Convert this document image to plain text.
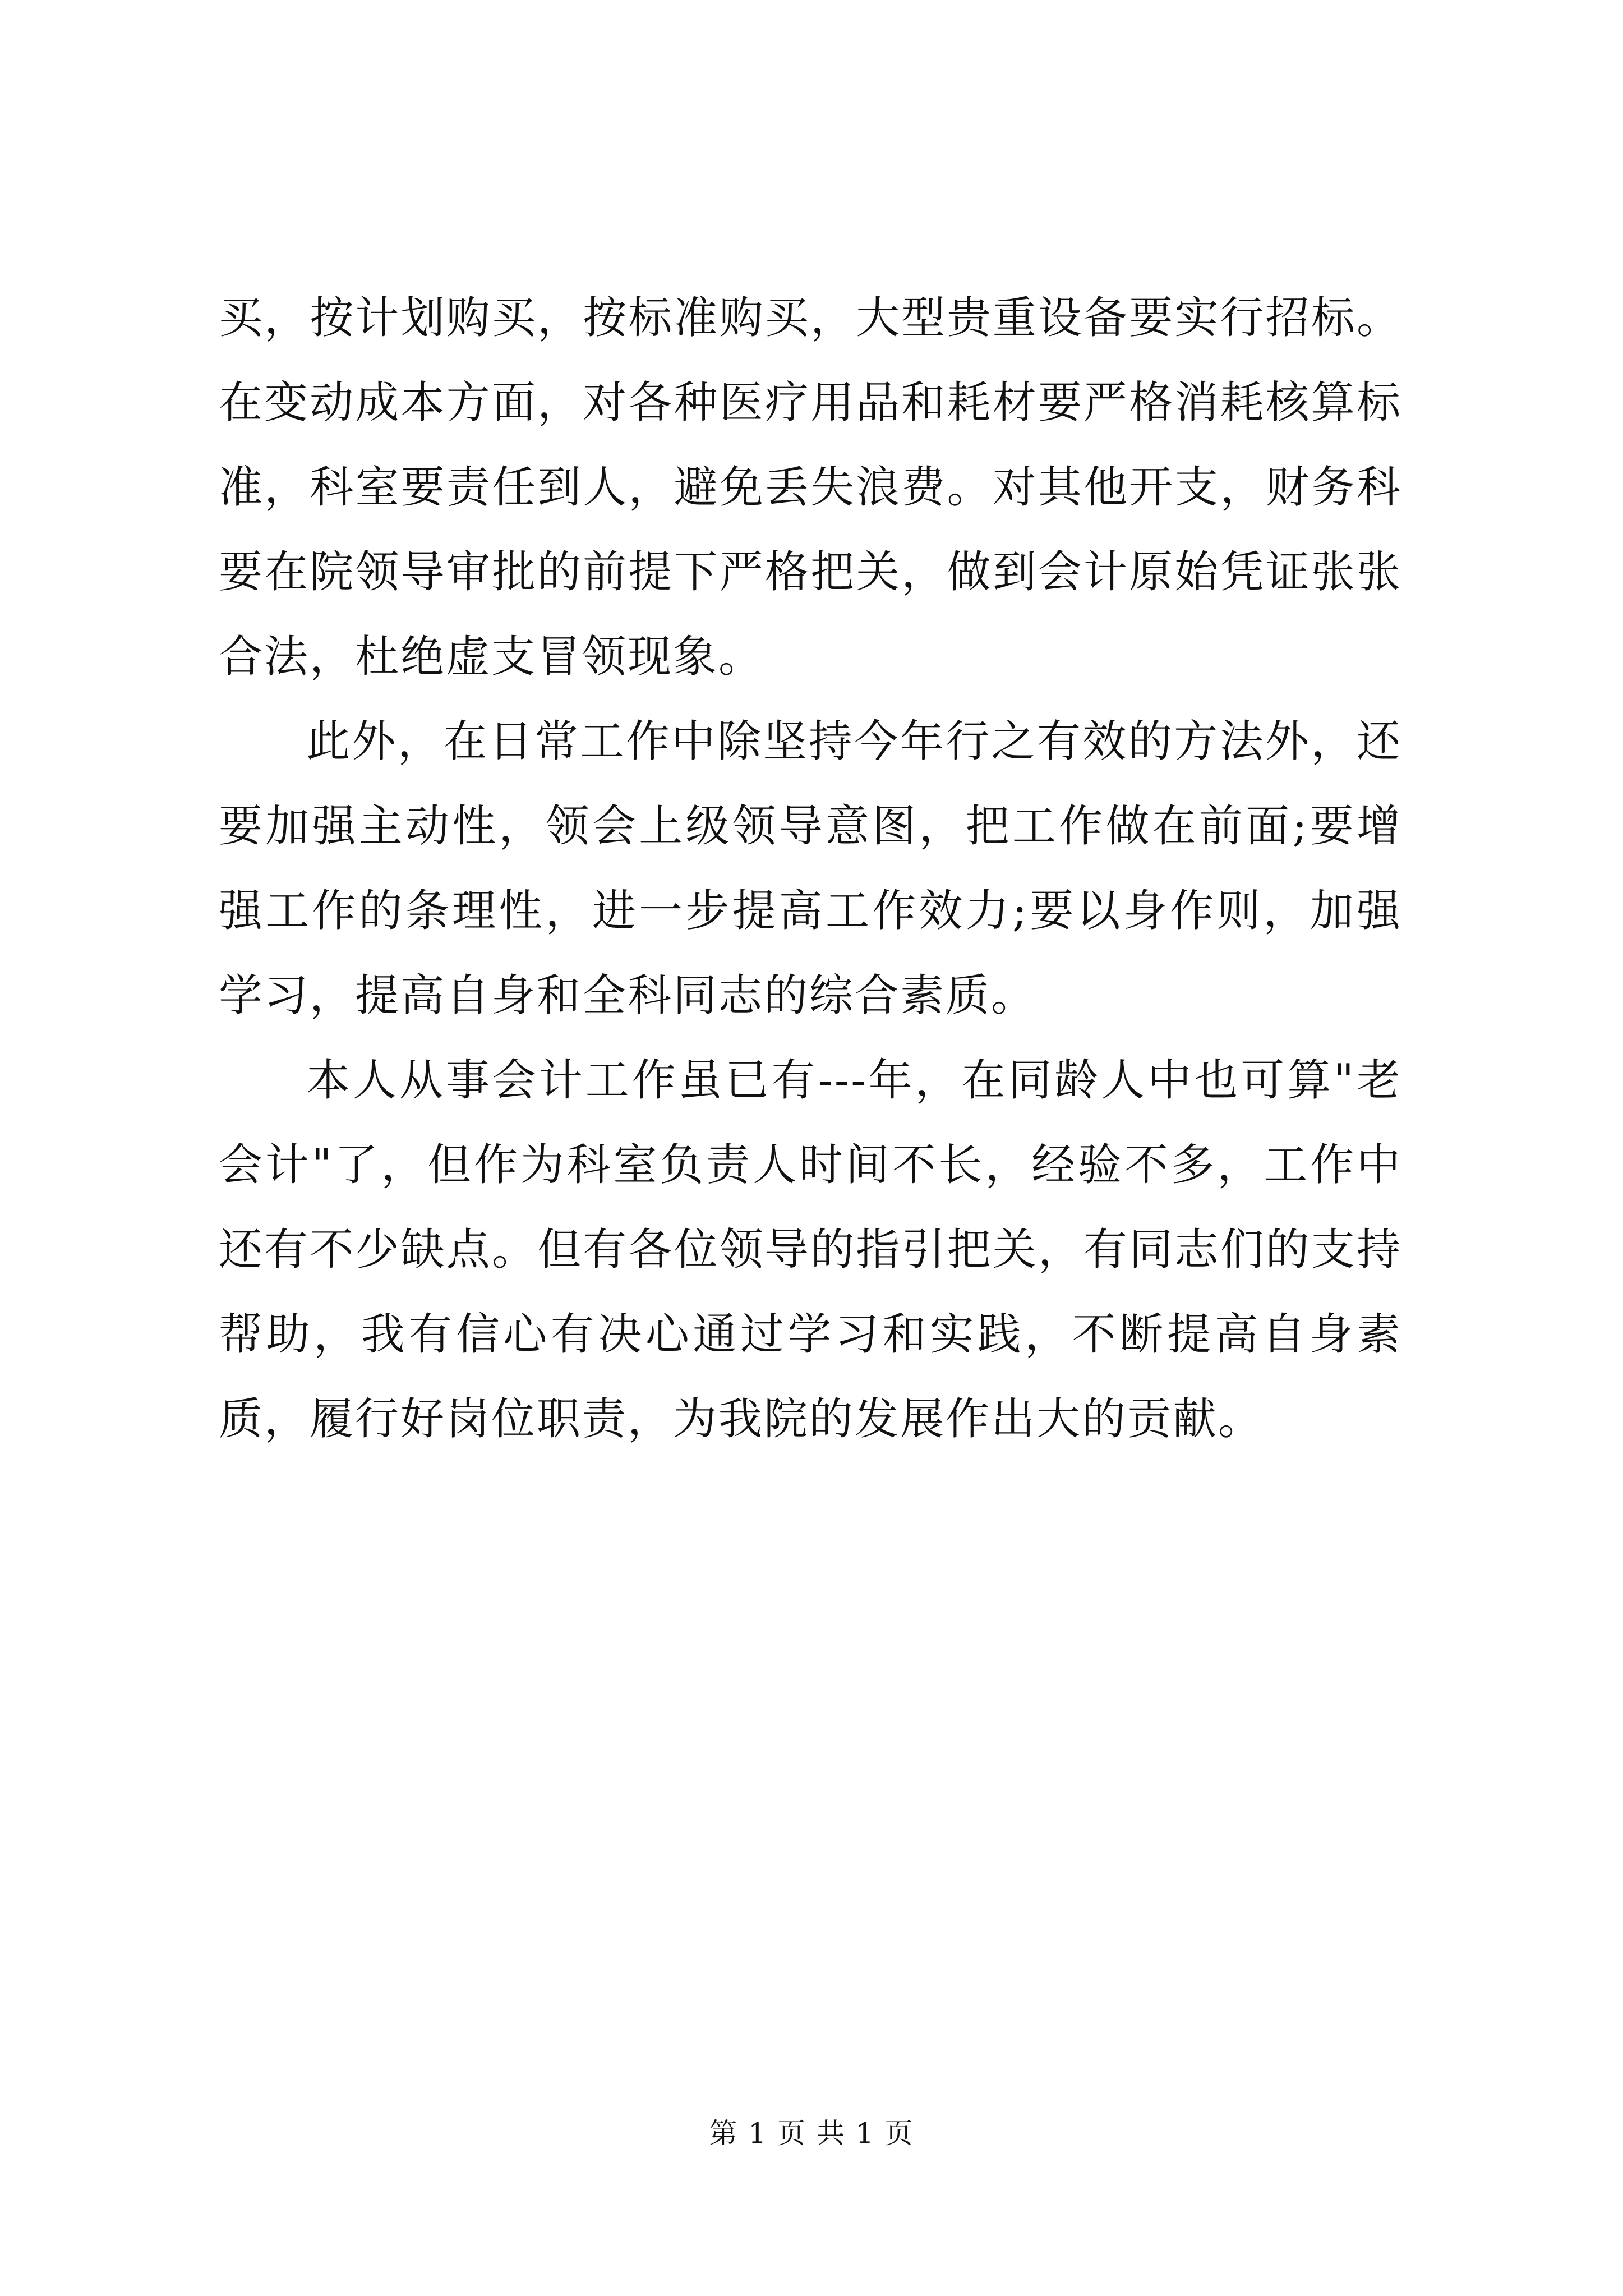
买，按计划购买，按标准购买，大型贵重设备要实行招标。在变动成本方面，对各种医疗用品和耗材要严格消耗核算标准，科室要责任到人，避免丢失浪费。对其他开支，财务科要在院领导审批的前提下严格把关，做到会计原始凭证张张合法，杜绝虚支冒领现象。

此外，在日常工作中除坚持今年行之有效的方法外，还要加强主动性，领会上级领导意图，把工作做在前面;要增强工作的条理性，进一步提高工作效力;要以身作则，加强学习，提高自身和全科同志的综合素质。

本人从事会计工作虽已有---年，在同龄人中也可算"老会计"了，但作为科室负责人时间不长，经验不多，工作中还有不少缺点。但有各位领导的指引把关，有同志们的支持帮助，我有信心有决心通过学习和实践，不断提高自身素质，履行好岗位职责，为我院的发展作出大的贡献。

第 1 页 共 1 页
